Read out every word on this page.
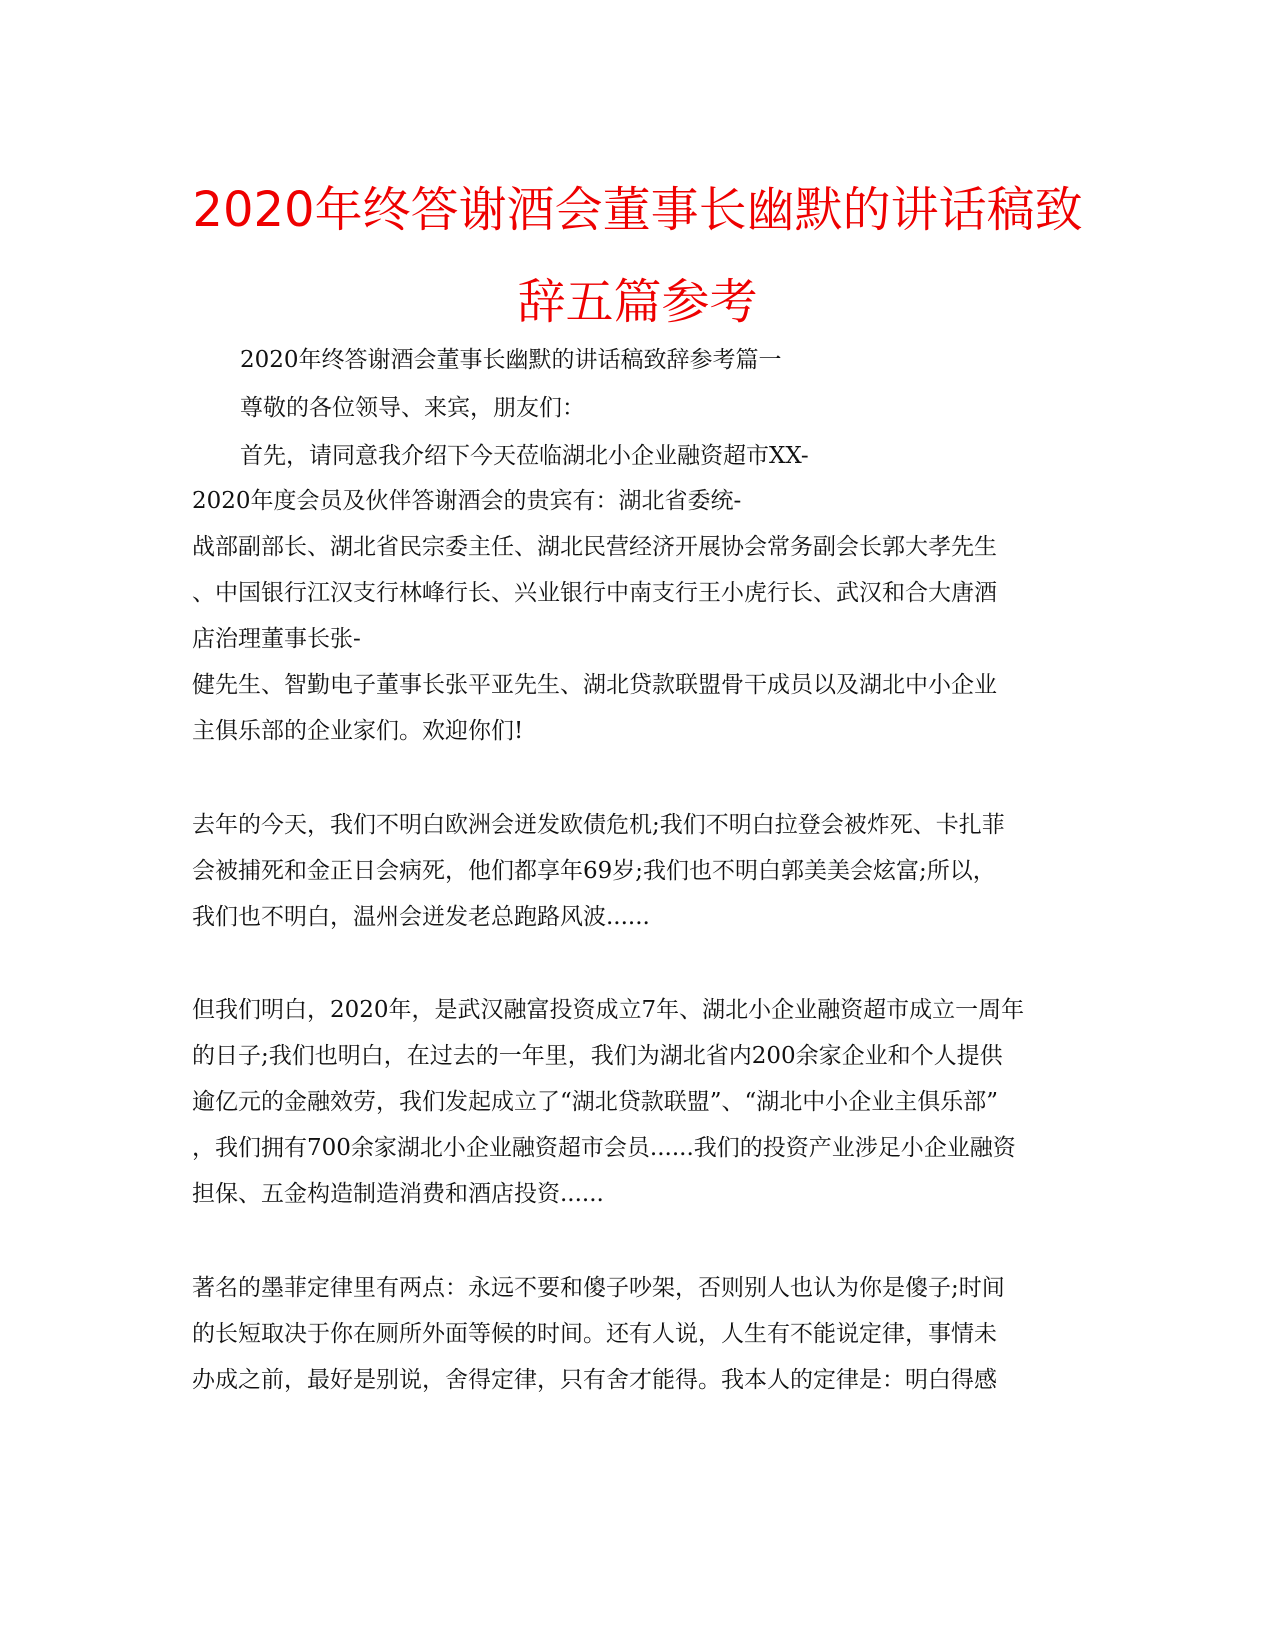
2020年终答谢酒会董事长幽默的讲话稿致
辞五篇参考
2020年终答谢酒会董事长幽默的讲话稿致辞参考篇一
尊敬的各位领导、来宾，朋友们：
首先，请同意我介绍下今天莅临湖北小企业融资超市XX-
2020年度会员及伙伴答谢酒会的贵宾有：湖北省委统-
战部副部长、湖北省民宗委主任、湖北民营经济开展协会常务副会长郭大孝先生
、中国银行江汉支行林峰行长、兴业银行中南支行王小虎行长、武汉和合大唐酒
店治理董事长张-
健先生、智勤电子董事长张平亚先生、湖北贷款联盟骨干成员以及湖北中小企业
主俱乐部的企业家们。欢迎你们!
去年的今天，我们不明白欧洲会迸发欧债危机;我们不明白拉登会被炸死、卡扎菲
会被捕死和金正日会病死，他们都享年69岁;我们也不明白郭美美会炫富;所以，
我们也不明白，温州会迸发老总跑路风波......
但我们明白，2020年，是武汉融富投资成立7年、湖北小企业融资超市成立一周年
的日子;我们也明白，在过去的一年里，我们为湖北省内200余家企业和个人提供
逾亿元的金融效劳，我们发起成立了“湖北贷款联盟”、“湖北中小企业主俱乐部”
，我们拥有700余家湖北小企业融资超市会员......我们的投资产业涉足小企业融资
担保、五金构造制造消费和酒店投资......
著名的墨菲定律里有两点：永远不要和傻子吵架，否则别人也认为你是傻子;时间
的长短取决于你在厕所外面等候的时间。还有人说，人生有不能说定律，事情未
办成之前，最好是别说，舍得定律，只有舍才能得。我本人的定律是：明白得感
